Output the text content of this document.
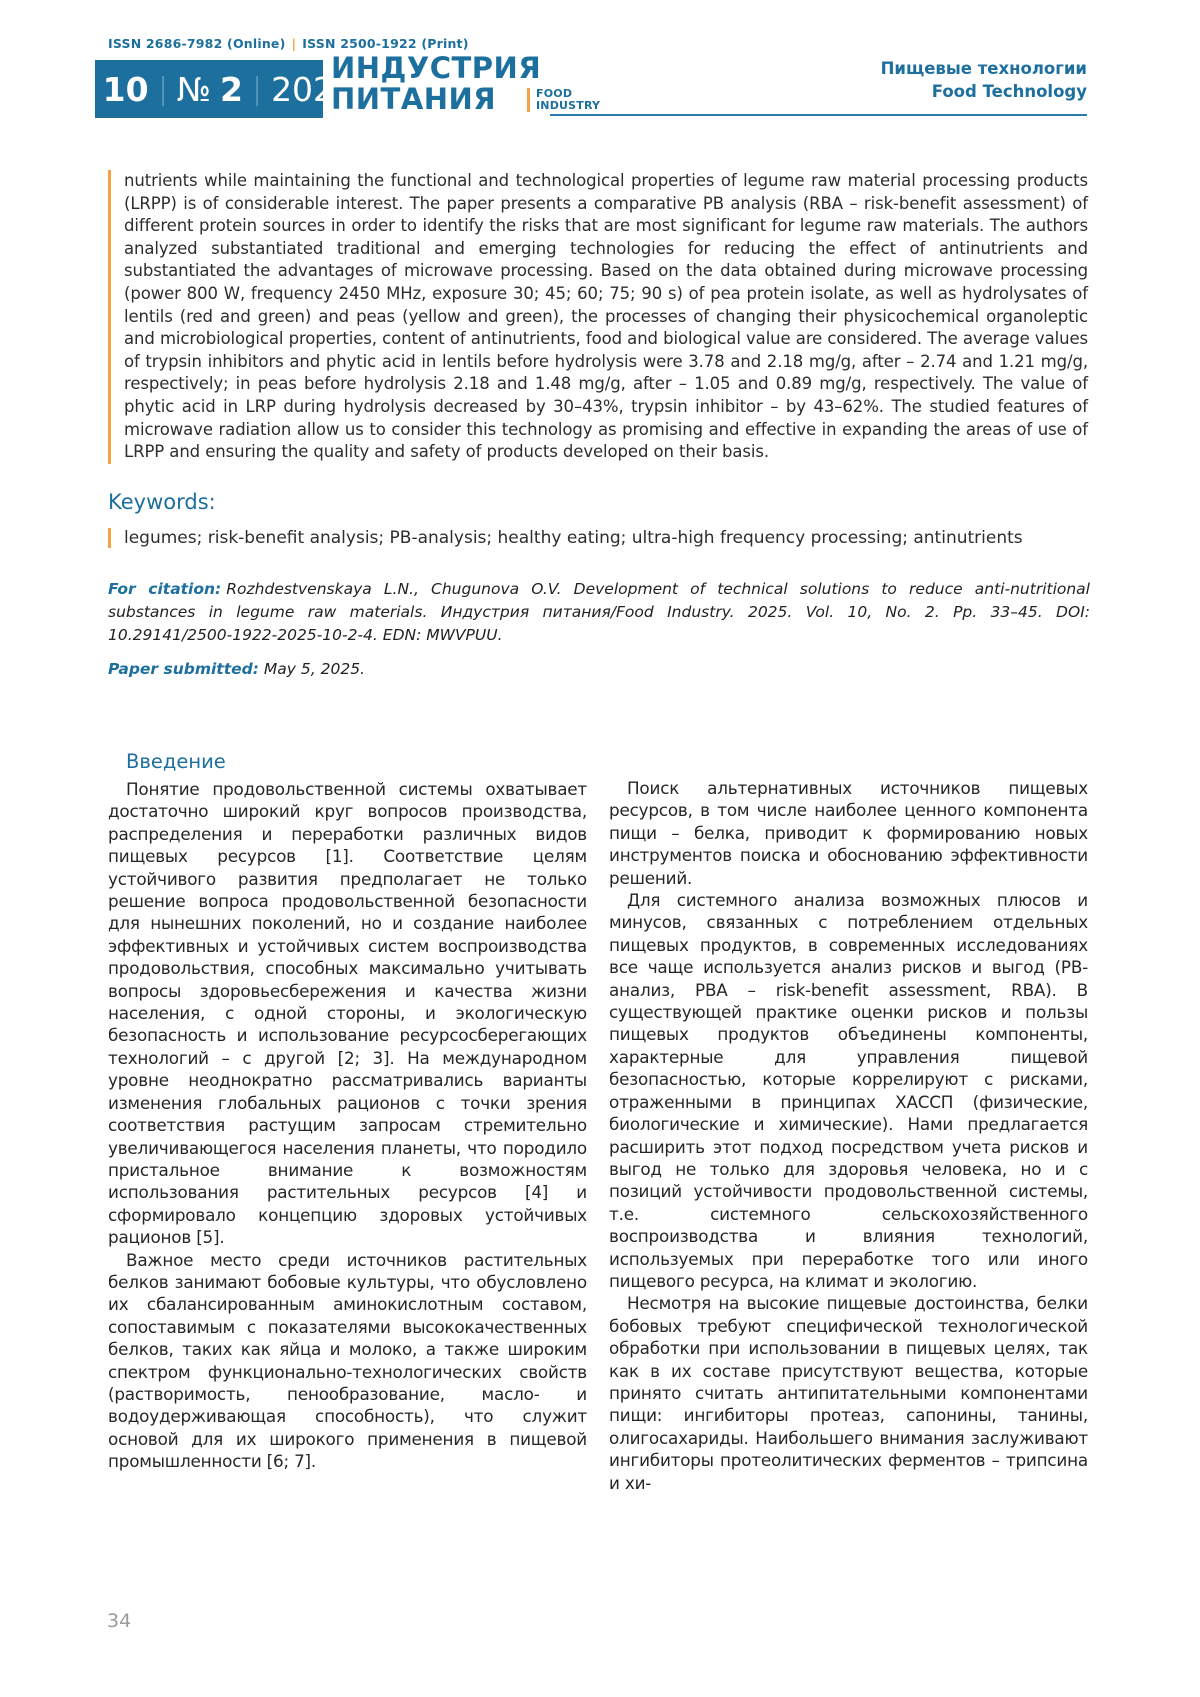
ISSN 2686-7982 (Online) | ISSN 2500-1922 (Print)
Т. 10 | № 2 | 2025
ИНДУСТРИЯ
ПИТАНИЯ	FOOD
INDUSTRY
Пищевые технологии
Food Technology

nutrients while maintaining the functional and technological properties of legume raw material processing products (LRPP) is of considerable interest. The paper presents a comparative PB analysis (RBA – risk-benefit assessment) of different protein sources in order to identify the risks that are most significant for legume raw materials. The authors analyzed substantiated traditional and emerging technologies for reducing the effect of antinutrients and substantiated the advantages of microwave processing. Based on the data obtained during microwave processing (power 800 W, frequency 2450 MHz, exposure 30; 45; 60; 75; 90 s) of pea protein isolate, as well as hydrolysates of lentils (red and green) and peas (yellow and green), the processes of changing their physicochemical organoleptic and microbiological properties, content of antinutrients, food and biological value are considered. The average values of trypsin inhibitors and phytic acid in lentils before hydrolysis were 3.78 and 2.18 mg/g, after – 2.74 and 1.21 mg/g, respectively; in peas before hydrolysis 2.18 and 1.48 mg/g, after – 1.05 and 0.89 mg/g, respectively. The value of phytic acid in LRP during hydrolysis decreased by 30–43%, trypsin inhibitor – by 43–62%. The studied features of microwave radiation allow us to consider this technology as promising and effective in expanding the areas of use of LRPP and ensuring the quality and safety of products developed on their basis.

Keywords:
legumes; risk-benefit analysis; PB-analysis; healthy eating; ultra-high frequency processing; antinutrients

For citation: Rozhdestvenskaya L.N., Chugunova O.V. Development of technical solutions to reduce anti-nutritional substances in legume raw materials. Индустрия питания/Food Industry. 2025. Vol. 10, No. 2. Pp. 33–45. DOI: 10.29141/2500-1922-2025-10-2-4. EDN: MWVPUU.

Paper submitted: May 5, 2025.

Введение

Понятие продовольственной системы охватывает достаточно широкий круг вопросов производства, распределения и переработки различных видов пищевых ресурсов [1]. Соответствие целям устойчивого развития предполагает не только решение вопроса продовольственной безопасности для нынешних поколений, но и создание наиболее эффективных и устойчивых систем воспроизводства продовольствия, способных максимально учитывать вопросы здоровьесбережения и качества жизни населения, с одной стороны, и экологическую безопасность и использование ресурсосберегающих технологий – с другой [2; 3]. На международном уровне неоднократно рассматривались варианты изменения глобальных рационов с точки зрения соответствия растущим запросам стремительно увеличивающегося населения планеты, что породило пристальное внимание к возможностям использования растительных ресурсов [4] и сформировало концепцию здоровых устойчивых рационов [5].

Важное место среди источников растительных белков занимают бобовые культуры, что обусловлено их сбалансированным аминокислотным составом, сопоставимым с показателями высококачественных белков, таких как яйца и молоко, а также широким спектром функционально-технологических свойств (растворимость, пенообразование, масло- и водоудерживающая способность), что служит основой для их широкого применения в пищевой промышленности [6; 7].

Поиск альтернативных источников пищевых ресурсов, в том числе наиболее ценного компонента пищи – белка, приводит к формированию новых инструментов поиска и обоснованию эффективности решений.

Для системного анализа возможных плюсов и минусов, связанных с потреблением отдельных пищевых продуктов, в современных исследованиях все чаще используется анализ рисков и выгод (РВ-анализ, РВА – risk-benefit assessment, RBA). В существующей практике оценки рисков и пользы пищевых продуктов объединены компоненты, характерные для управления пищевой безопасностью, которые коррелируют с рисками, отраженными в принципах ХАССП (физические, биологические и химические). Нами предлагается расширить этот подход посредством учета рисков и выгод не только для здоровья человека, но и с позиций устойчивости продовольственной системы, т.е. системного сельскохозяйственного воспроизводства и влияния технологий, используемых при переработке того или иного пищевого ресурса, на климат и экологию.

Несмотря на высокие пищевые достоинства, белки бобовых требуют специфической технологической обработки при использовании в пищевых целях, так как в их составе присутствуют вещества, которые принято считать антипитательными компонентами пищи: ингибиторы протеаз, сапонины, танины, олигосахариды. Наибольшего внимания заслуживают ингибиторы протеолитических ферментов – трипсина и хи-

34
